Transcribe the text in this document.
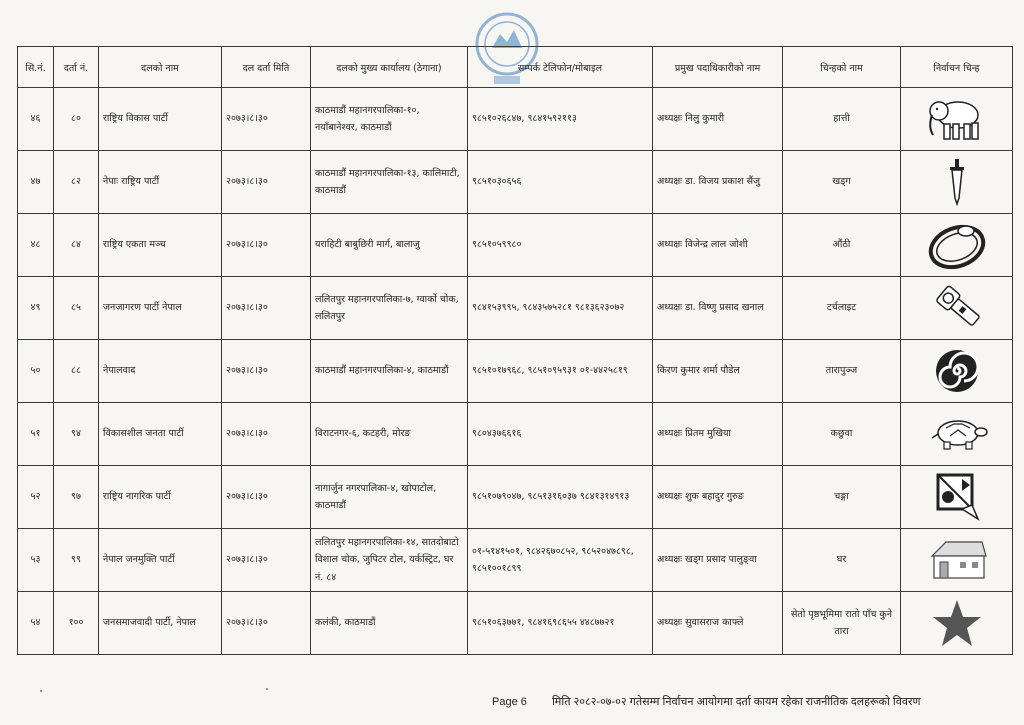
सि.नं.	दर्ता नं.	दलको नाम	दल दर्ता मिति	दलको मुख्य कार्यालय (ठेगाना)	सम्पर्क टेलिफोन/मोबाइल	प्रमुख पदाधिकारीको नाम	चिन्हको नाम	निर्वाचन चिन्ह
४६	८०	राष्ट्रिय विकास पार्टी	२०७३।८।३०	काठमाडौं महानगरपालिका-१०, नयाँबानेश्वर, काठमाडौं	९८५१०२६८४७, ९८४१५९२११३	अध्यक्षः निलु कुमारी	हात्ती	

४७	८२	नेपाः राष्ट्रिय पार्टी	२०७३।८।३०	काठमाडौं महानगरपालिका-१३, कालिमाटी, काठमाडौं	९८५१०३०६५६	अध्यक्षः डा. विजय प्रकाश सैंजु	खड्ग	

४८	८४	राष्ट्रिय एकता मञ्च	२०७३।८।३०	यराहिटी बाबुछिरी मार्ग, बालाजु	९८५१०५९९८०	अध्यक्षः विजेन्द्र लाल जोशी	औंठी	

४९	८५	जनजागरण पार्टी नेपाल	२०७३।८।३०	ललितपुर महानगरपालिका-७, ग्वार्को चोक, ललितपुर	९८४१५३९९५, ९८४३५७५२८१ ९८१३६२३०७२	अध्यक्षः डा. विष्णु प्रसाद खनाल	टर्चलाइट	

५०	८८	नेपालवाद	२०७३।८।३०	काठमाडौं महानगरपालिका-४, काठमाडौं	९८५१०१७९६८, ९८५१०९५९३१ ०१-४४२५८१९	किरण कुमार शर्मा पौडेल	तारापुञ्ज	

५१	९४	विकासशील जनता पार्टी	२०७३।८।३०	विराटनगर-६, कटहरी, मोरङ	९८०४३७६६१६	अध्यक्षः प्रितम मुखिया	कछुवा	

५२	९७	राष्ट्रिय नागरिक पार्टी	२०७३।८।३०	नागार्जुन नगरपालिका-४, खोपाटोल, काठमाडौं	९८५१०७९०४७, ९८५१३१६०३७ ९८४१३१४९१३	अध्यक्षः शुक बहादुर गुरुङ	चङ्गा	

५३	९९	नेपाल जनमुक्ति पार्टी	२०७३।८।३०	ललितपुर महानगरपालिका-१४, सातदोबाटो विशाल चोक, जुपिटर टोल, यर्कस्ट्रिट, घर नं. ८४	०१-५१४१५०१, ९८४२६७०८५२, ९८५२०४७८९८, ९८५१००१८९९	अध्यक्षः खड्ग प्रसाद पालुङ्वा	घर	

५४	१००	जनसमाजवादी पार्टी, नेपाल	२०७३।८।३०	कलंकी, काठमाडौं	९८५१०६३७७१, ९८४१६९८६५५ ४४८७७२१	अध्यक्षः सुवासराज काफ्ले	सेतो पृष्ठभूमिमा रातो पाँच कुने तारा	
Page 6 मिति २०८२-०७-०२ गतेसम्म निर्वाचन आयोगमा दर्ता कायम रहेका राजनीतिक दलहरूको विवरण
